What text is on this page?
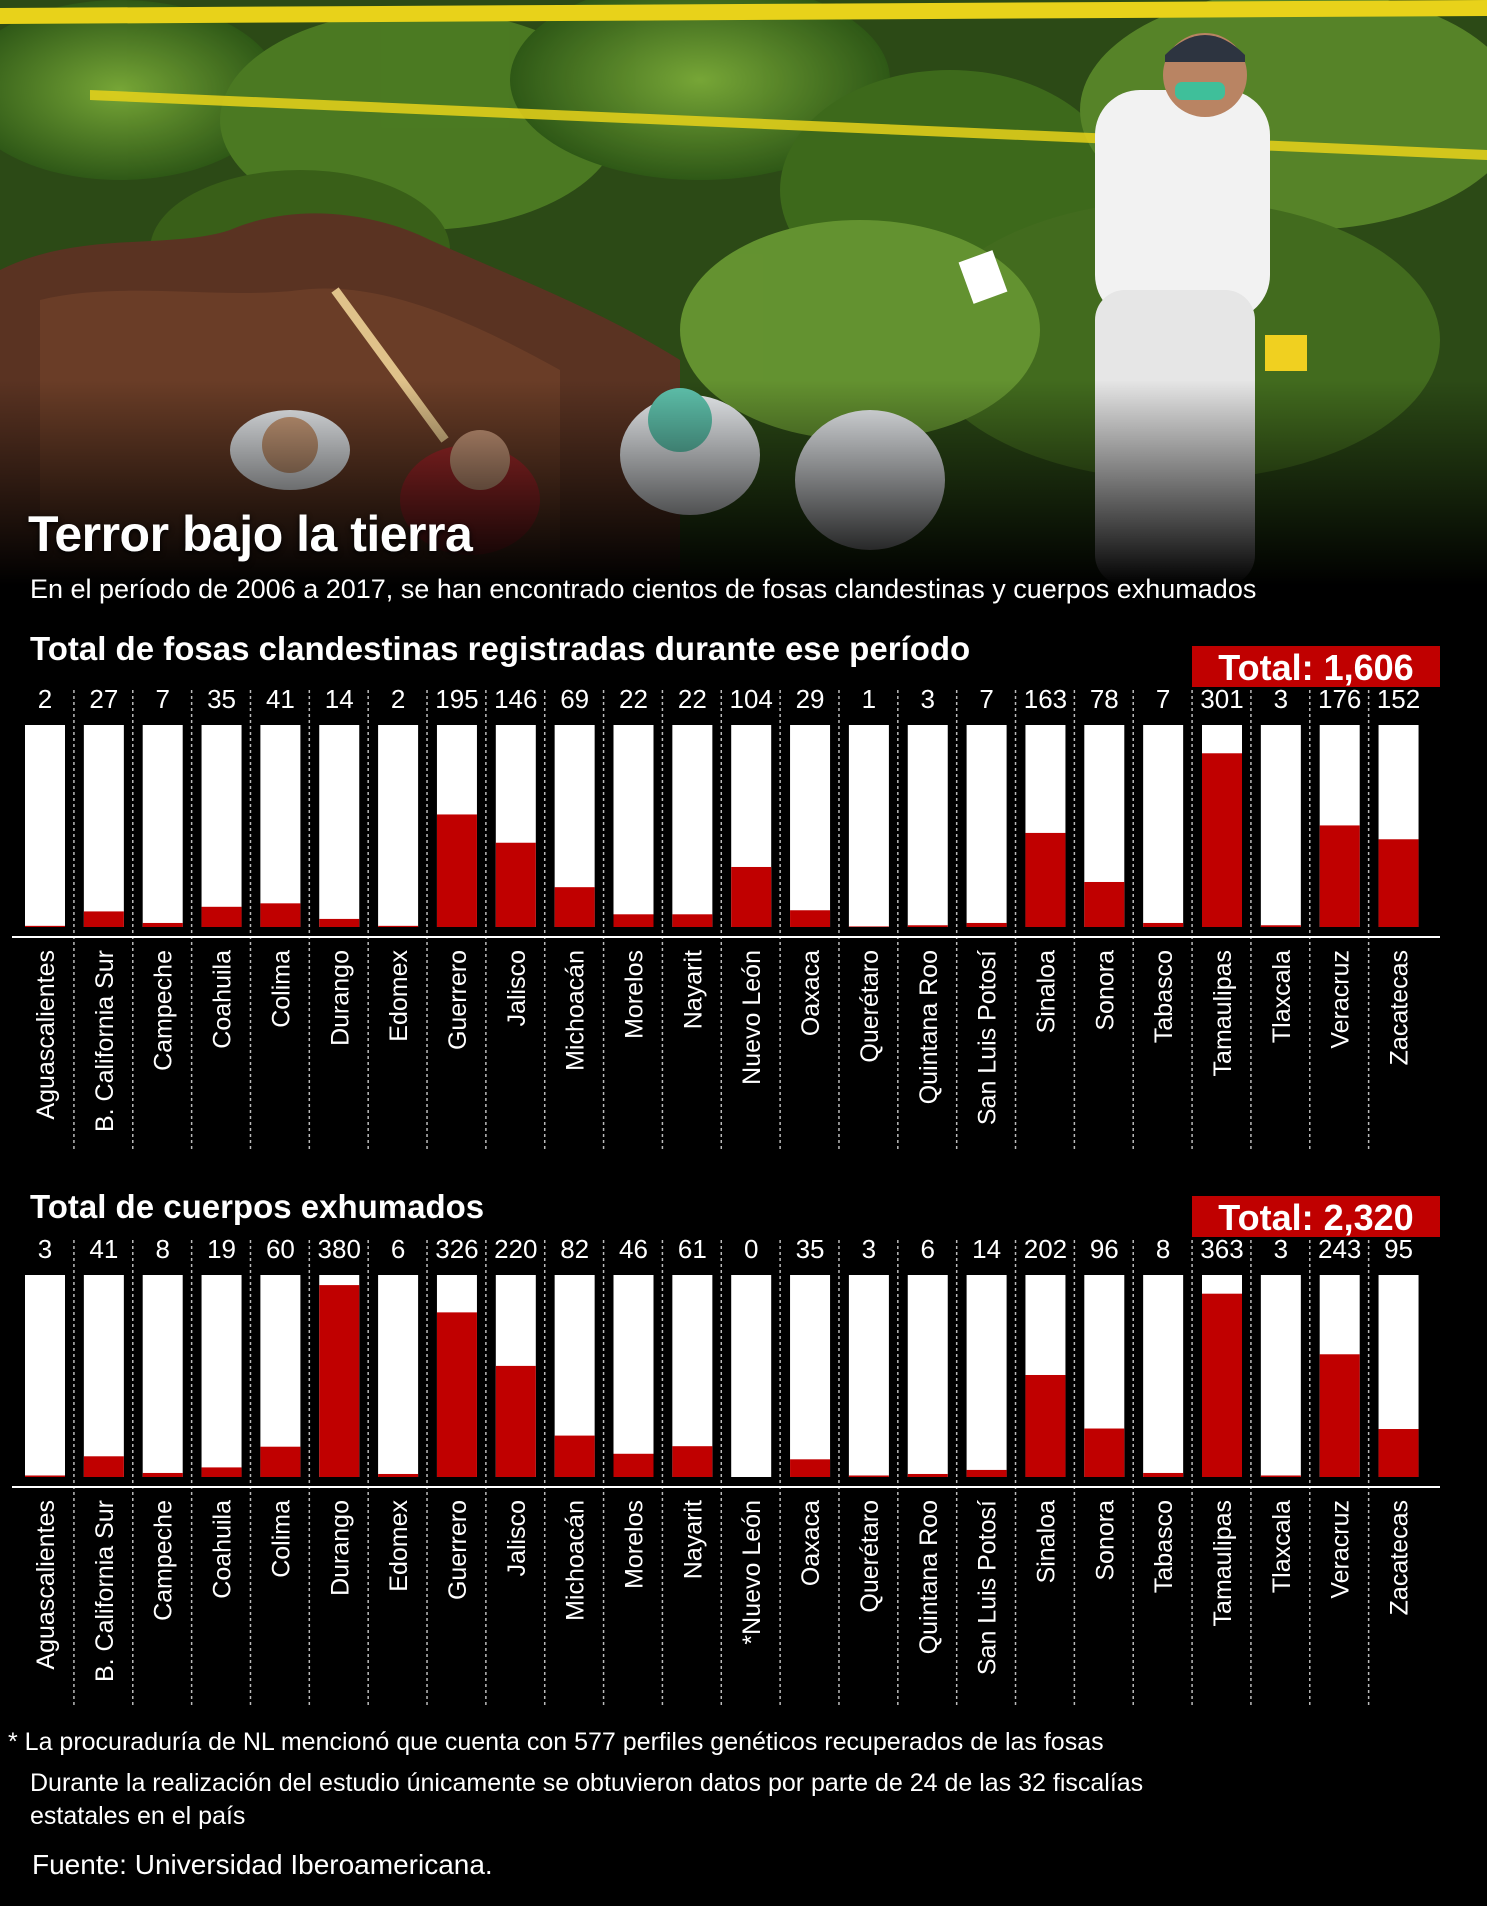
Terror bajo la tierra

En el período de 2006 a 2017, se han encontrado cientos de fosas clandestinas y cuerpos exhumados

Total de fosas clandestinas registradas durante ese período	Total: 1,606
2
Aguascalientes
27
B. California Sur
7
Campeche
35
Coahuila
41
Colima
14
Durango
2
Edomex
195
Guerrero
146
Jalisco
69
Michoacán
22
Morelos
22
Nayarit
104
Nuevo León
29
Oaxaca
1
Querétaro
3
Quintana Roo
7
San Luis Potosí
163
Sinaloa
78
Sonora
7
Tabasco
301
Tamaulipas
3
Tlaxcala
176
Veracruz
152
Zacatecas
Total de cuerpos exhumados	Total: 2,320
3
Aguascalientes
41
B. California Sur
8
Campeche
19
Coahuila
60
Colima
380
Durango
6
Edomex
326
Guerrero
220
Jalisco
82
Michoacán
46
Morelos
61
Nayarit
0
*Nuevo León
35
Oaxaca
3
Querétaro
6
Quintana Roo
14
San Luis Potosí
202
Sinaloa
96
Sonora
8
Tabasco
363
Tamaulipas
3
Tlaxcala
243
Veracruz
95
Zacatecas

* La procuraduría de NL mencionó que cuenta con 577 perfiles genéticos recuperados de las fosas

Durante la realización del estudio únicamente se obtuvieron datos por parte de 24 de las 32 fiscalías

estatales en el país

Fuente: Universidad Iberoamericana.
